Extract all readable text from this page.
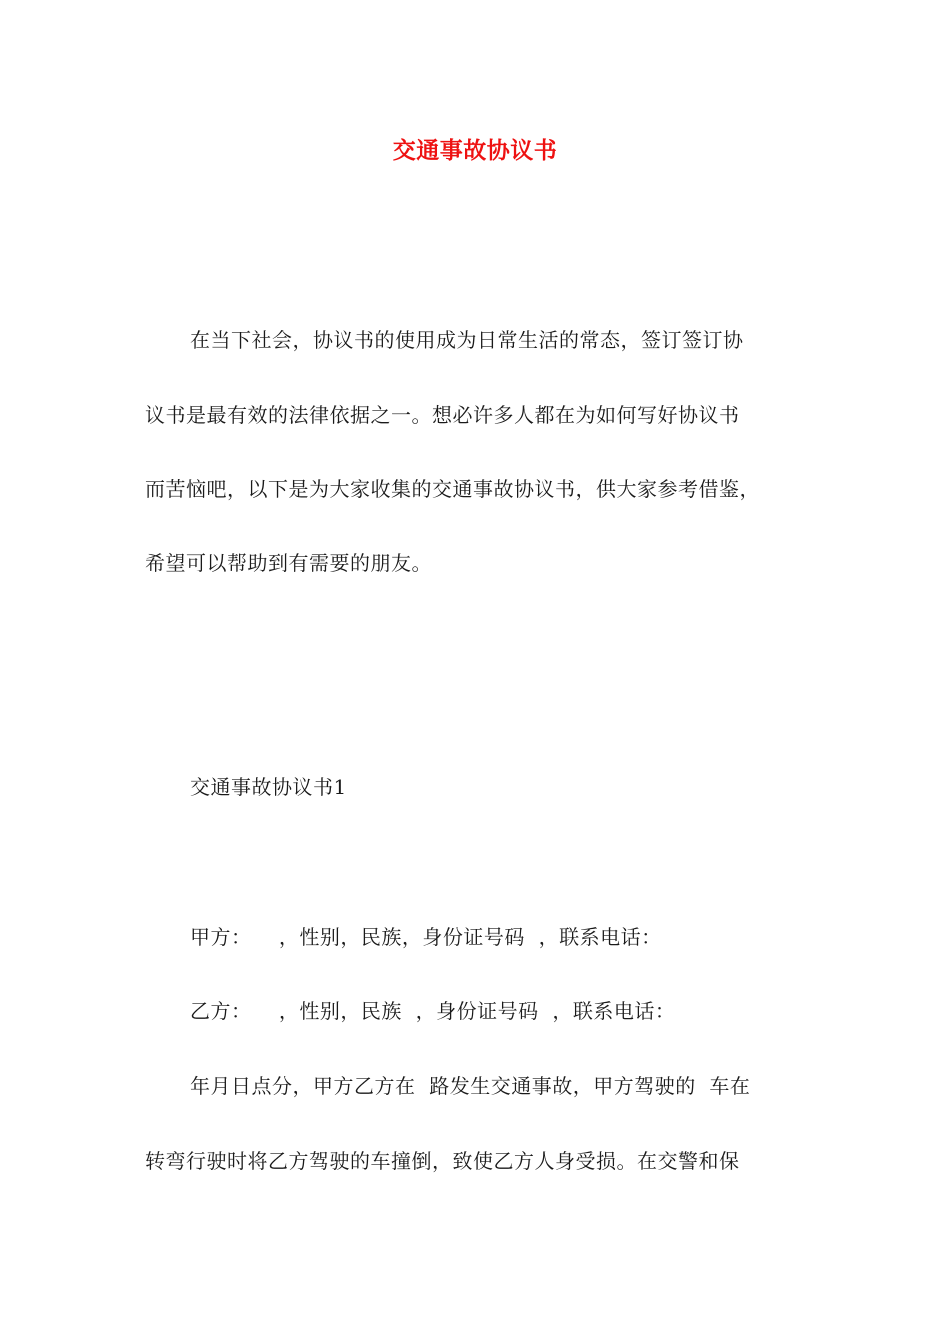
交通事故协议书
在当下社会，协议书的使用成为日常生活的常态，签订签订协
议书是最有效的法律依据之一。想必许多人都在为如何写好协议书
而苦恼吧，以下是为大家收集的交通事故协议书，供大家参考借鉴，
希望可以帮助到有需要的朋友。
交通事故协议书1
甲方：    ，性别，民族，身份证号码  ，联系电话：
乙方：    ，性别，民族  ，身份证号码  ，联系电话：
年月日点分，甲方乙方在  路发生交通事故，甲方驾驶的  车在
转弯行驶时将乙方驾驶的车撞倒，致使乙方人身受损。在交警和保
